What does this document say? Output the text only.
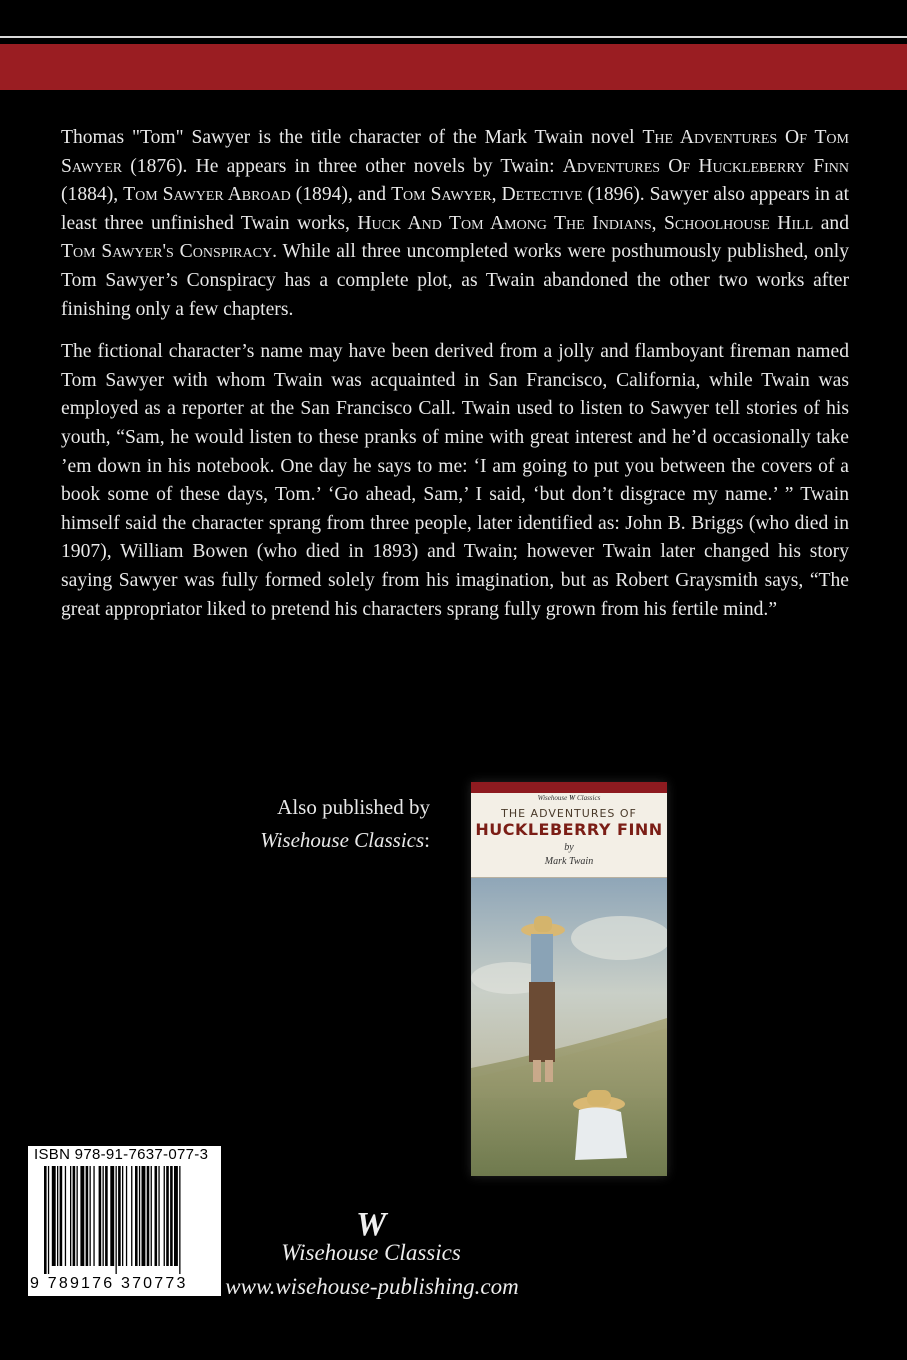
Thomas "Tom" Sawyer is the title character of the Mark Twain novel The Adventures Of Tom Sawyer (1876). He appears in three other novels by Twain: Adventures Of Huckleberry Finn (1884), Tom Sawyer Abroad (1894), and Tom Sawyer, Detective (1896). Sawyer also appears in at least three unfinished Twain works, Huck And Tom Among The Indians, Schoolhouse Hill and Tom Sawyer's Conspiracy. While all three uncompleted works were posthumously published, only Tom Sawyer’s Conspiracy has a complete plot, as Twain abandoned the other two works after finishing only a few chapters.

The fictional character’s name may have been derived from a jolly and flamboyant fireman named Tom Sawyer with whom Twain was acquainted in San Francisco, California, while Twain was employed as a reporter at the San Francisco Call. Twain used to listen to Sawyer tell stories of his youth, “Sam, he would listen to these pranks of mine with great interest and he’d occasionally take ’em down in his notebook. One day he says to me: ‘I am going to put you between the covers of a book some of these days, Tom.’ ‘Go ahead, Sam,’ I said, ‘but don’t disgrace my name.’ ” Twain himself said the character sprang from three people, later identified as: John B. Briggs (who died in 1907), William Bowen (who died in 1893) and Twain; however Twain later changed his story saying Sawyer was fully formed solely from his imagination, but as Robert Graysmith says, “The great appropriator liked to pretend his characters sprang fully grown from his fertile mind.”

Also published by
Wisehouse Classics:
Wisehouse W Classics
THE ADVENTURES OF
HUCKLEBERRY FINN
by
Mark Twain
ISBN 978-91-7637-077-3
9 789176 370773
W
Wisehouse Classics
www.wisehouse-publishing.com
